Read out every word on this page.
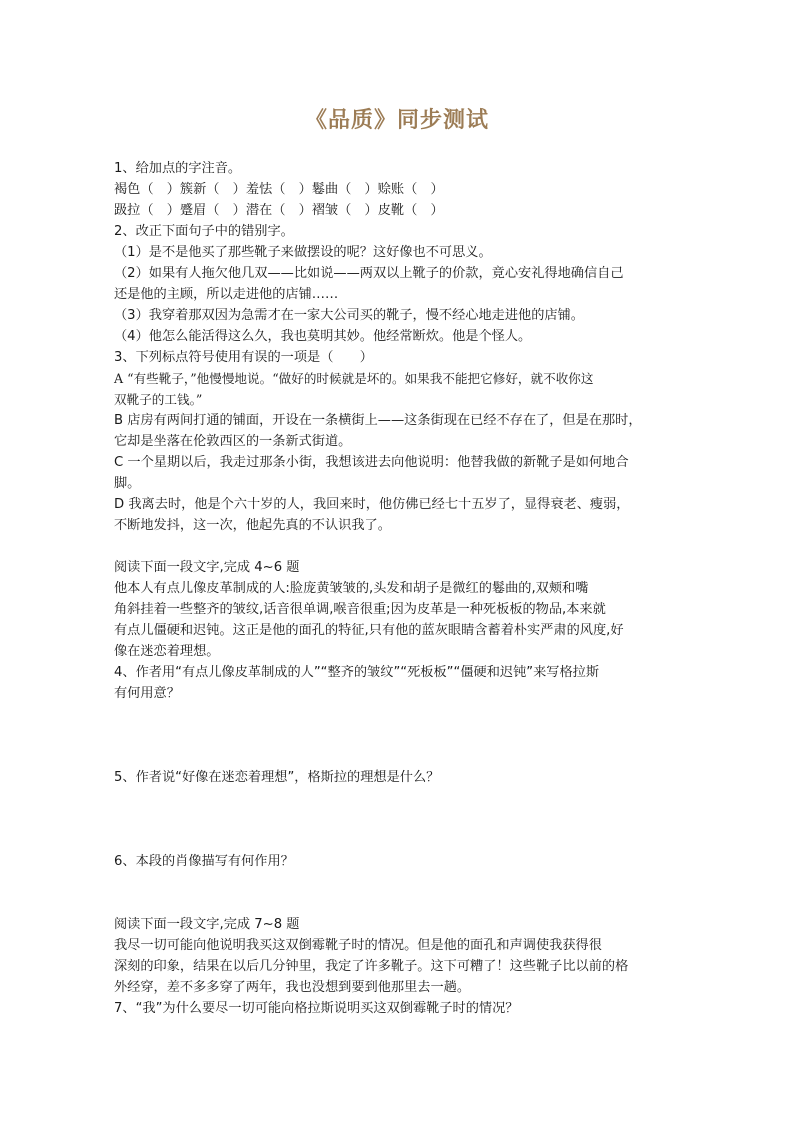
《品质》同步测试
1、给加点的字注音。
褐色（　）簇新（　）羞怯（　）鬈曲（　）赊账（　）
趿拉（　）蹙眉（　）潜在（　）褶皱（　）皮靴（　）
2、改正下面句子中的错别字。
（1）是不是他买了那些靴子来做摆设的呢？这好像也不可思义。
（2）如果有人拖欠他几双——比如说——两双以上靴子的价款，竟心安礼得地确信自己
还是他的主顾，所以走进他的店铺……
（3）我穿着那双因为急需才在一家大公司买的靴子，慢不经心地走进他的店铺。
（4）他怎么能活得这么久，我也莫明其妙。他经常断炊。他是个怪人。
3、下列标点符号使用有误的一项是（　　）
A “有些靴子，”他慢慢地说。“做好的时候就是坏的。如果我不能把它修好，就不收你这
双靴子的工钱。”
B 店房有两间打通的铺面，开设在一条横街上——这条街现在已经不存在了，但是在那时，
它却是坐落在伦敦西区的一条新式街道。
C 一个星期以后，我走过那条小街，我想该进去向他说明：他替我做的新靴子是如何地合
脚。
D 我离去时，他是个六十岁的人，我回来时，他仿佛已经七十五岁了，显得衰老、瘦弱，
不断地发抖，这一次，他起先真的不认识我了。
阅读下面一段文字,完成 4~6 题
他本人有点儿像皮革制成的人:脸庞黄皱皱的,头发和胡子是微红的鬈曲的,双颊和嘴
角斜挂着一些整齐的皱纹,话音很单调,喉音很重;因为皮革是一种死板板的物品,本来就
有点儿僵硬和迟钝。这正是他的面孔的特征,只有他的蓝灰眼睛含蓄着朴实严肃的风度,好
像在迷恋着理想。
4、作者用“有点儿像皮革制成的人”“整齐的皱纹”“死板板”“僵硬和迟钝”来写格拉斯
有何用意？
5、作者说“好像在迷恋着理想”，格斯拉的理想是什么？
6、本段的肖像描写有何作用？
阅读下面一段文字,完成 7~8 题
我尽一切可能向他说明我买这双倒霉靴子时的情况。但是他的面孔和声调使我获得很
深刻的印象，结果在以后几分钟里，我定了许多靴子。这下可糟了！这些靴子比以前的格
外经穿，差不多多穿了两年，我也没想到要到他那里去一趟。
7、“我”为什么要尽一切可能向格拉斯说明买这双倒霉靴子时的情况？
